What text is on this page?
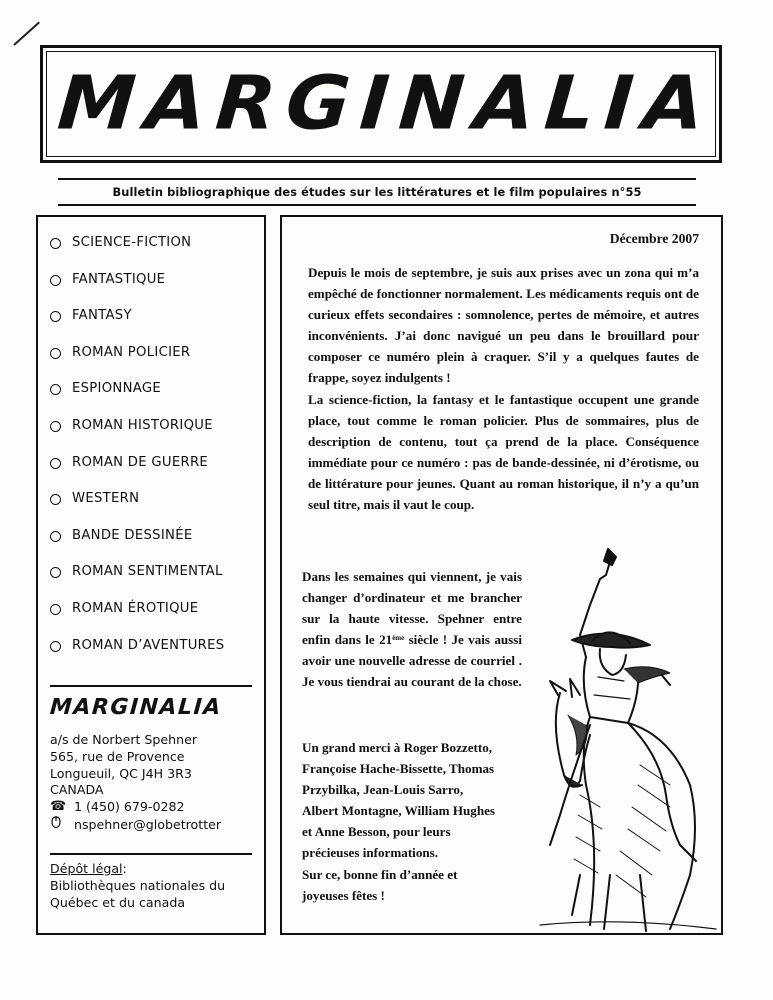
MARGINALIA
Bulletin bibliographique des études sur les littératures et le film populaires n°55
SCIENCE-FICTION
FANTASTIQUE
FANTASY
ROMAN POLICIER
ESPIONNAGE
ROMAN HISTORIQUE
ROMAN DE GUERRE
WESTERN
BANDE DESSINÉE
ROMAN SENTIMENTAL
ROMAN ÉROTIQUE
ROMAN D’AVENTURES
MARGINALIA
a/s de Norbert Spehner
565, rue de Provence
Longueuil, QC J4H 3R3
CANADA
☎ 1 (450) 679-0282
nspehner@globetrotter
Dépôt légal:
Bibliothèques nationales du
Québec et du canada
Décembre 2007

Depuis le mois de septembre, je suis aux prises avec un zona qui m’a empêché de fonctionner normalement. Les médicaments requis ont de curieux effets secondaires : somnolence, pertes de mémoire, et autres inconvénients. J’ai donc navigué un peu dans le brouillard pour composer ce numéro plein à craquer. S’il y a quelques fautes de frappe, soyez indulgents !

La science-fiction, la fantasy et le fantastique occupent une grande place, tout comme le roman policier. Plus de sommaires, plus de description de contenu, tout ça prend de la place. Conséquence immédiate pour ce numéro : pas de bande-dessinée, ni d’érotisme, ou de littérature pour jeunes. Quant au roman historique, il n’y a qu’un seul titre, mais il vaut le coup.

Dans les semaines qui viennent, je vais changer d’ordinateur et me brancher sur la haute vitesse. Spehner entre enfin dans le 21ème siècle ! Je vais aussi avoir une nouvelle adresse de courriel . Je vous tiendrai au courant de la chose.

Un grand merci à Roger Bozzetto, Françoise Hache-Bissette, Thomas Przybilka, Jean-Louis Sarro, Albert Montagne, William Hughes et Anne Besson, pour leurs précieuses informations.

Sur ce, bonne fin d’année et joyeuses fêtes !
